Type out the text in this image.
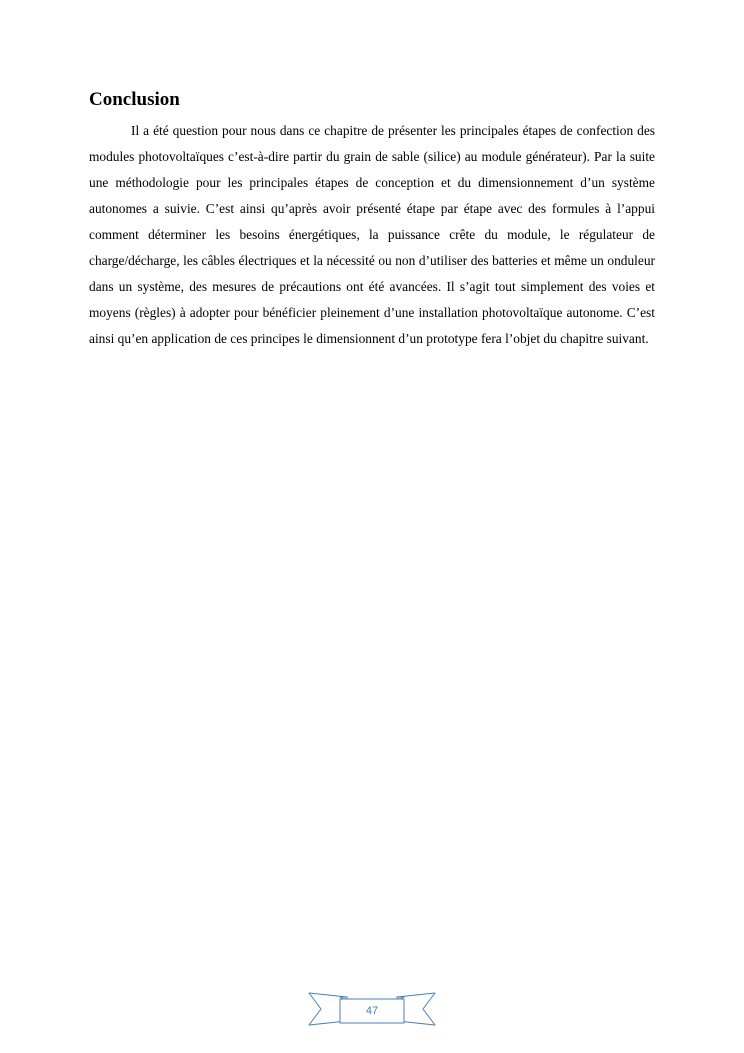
Conclusion

Il a été question pour nous dans ce chapitre de présenter les principales étapes de confection des modules photovoltaïques c’est-à-dire partir du grain de sable (silice) au module générateur). Par la suite une méthodologie pour les principales étapes de conception et du dimensionnement d’un système autonomes a suivie. C’est ainsi qu’après avoir présenté étape par étape avec des formules à l’appui comment déterminer les besoins énergétiques, la puissance crête du module, le régulateur de charge/décharge, les câbles électriques et la nécessité ou non d’utiliser des batteries et même un onduleur dans un système, des mesures de précautions ont été avancées. Il s’agit tout simplement des voies et moyens (règles) à adopter pour bénéficier pleinement d’une installation photovoltaïque autonome. C’est ainsi qu’en application de ces principes le dimensionnent d’un prototype fera l’objet du chapitre suivant.

47
